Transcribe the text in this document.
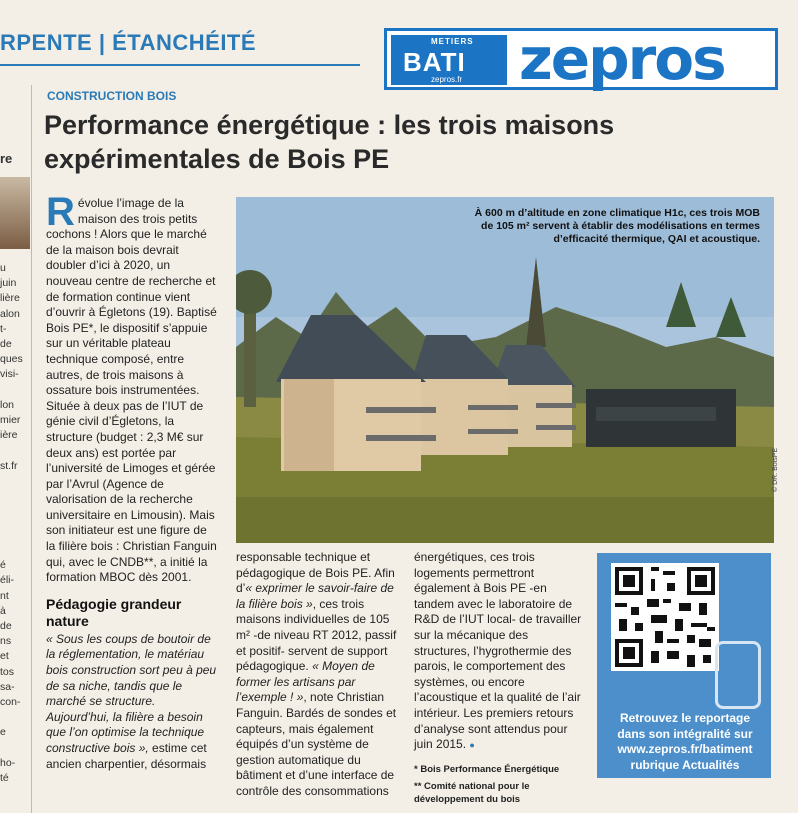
RPENTE | ÉTANCHÉITÉ	METIERS
BATI
zepros.fr zepros
re
u
juin
lière
alon
t-
de
ques
visi-
lon
mier
ière
st.fr
é
éli-
nt
à
de
ns
et
tos
sa-
con-
e
ho-
té
CONSTRUCTION BOIS
Performance énergétique : les trois maisons expérimentales de Bois PE

Révolue l’image de la maison des trois petits cochons ! Alors que le marché de la maison bois devrait doubler d’ici à 2020, un nouveau centre de recherche et de formation continue vient d’ouvrir à Égletons (19). Baptisé Bois PE*, le dispositif s’appuie sur un véritable plateau technique composé, entre autres, de trois maisons à ossature bois instrumentées. Située à deux pas de l’IUT de génie civil d’Égletons, la structure (budget : 2,3 M€ sur deux ans) est portée par l’université de Limoges et gérée par l’Avrul (Agence de valorisation de la recherche universitaire en Limousin). Mais son initiateur est une figure de la filière bois : Christian Fanguin qui, avec le CNDB**, a initié la formation MBOC dès 2001.

Pédagogie grandeur nature

« Sous les coups de boutoir de la réglementation, le matériau bois construction sort peu à peu de sa niche, tandis que le marché se structure. Aujourd’hui, la filière a besoin que l’on optimise la technique constructive bois », estime cet ancien charpentier, désormais

À 600 m d’altitude en zone climatique H1c, ces trois MOB de 105 m² servent à établir des modélisations en termes d’efficacité thermique, QAI et acoustique.
© DR. BoisPE

responsable technique et pédagogique de Bois PE. Afin d’« exprimer le savoir-faire de la filière bois », ces trois maisons individuelles de 105 m² -de niveau RT 2012, passif et positif- servent de support pédagogique. « Moyen de former les artisans par l’exemple ! », note Christian Fanguin. Bardés de sondes et capteurs, mais également équipés d’un système de gestion automatique du bâtiment et d’une interface de contrôle des consommations

énergétiques, ces trois logements permettront également à Bois PE -en tandem avec le laboratoire de R&D de l’IUT local- de travailler sur la mécanique des structures, l’hygrothermie des parois, le comportement des systèmes, ou encore l’acoustique et la qualité de l’air intérieur. Les premiers retours d’analyse sont attendus pour juin 2015. ●

* Bois Performance Énergétique
** Comité national pour le développement du bois
Retrouvez le reportage dans son intégralité sur www.zepros.fr/batiment rubrique Actualités
